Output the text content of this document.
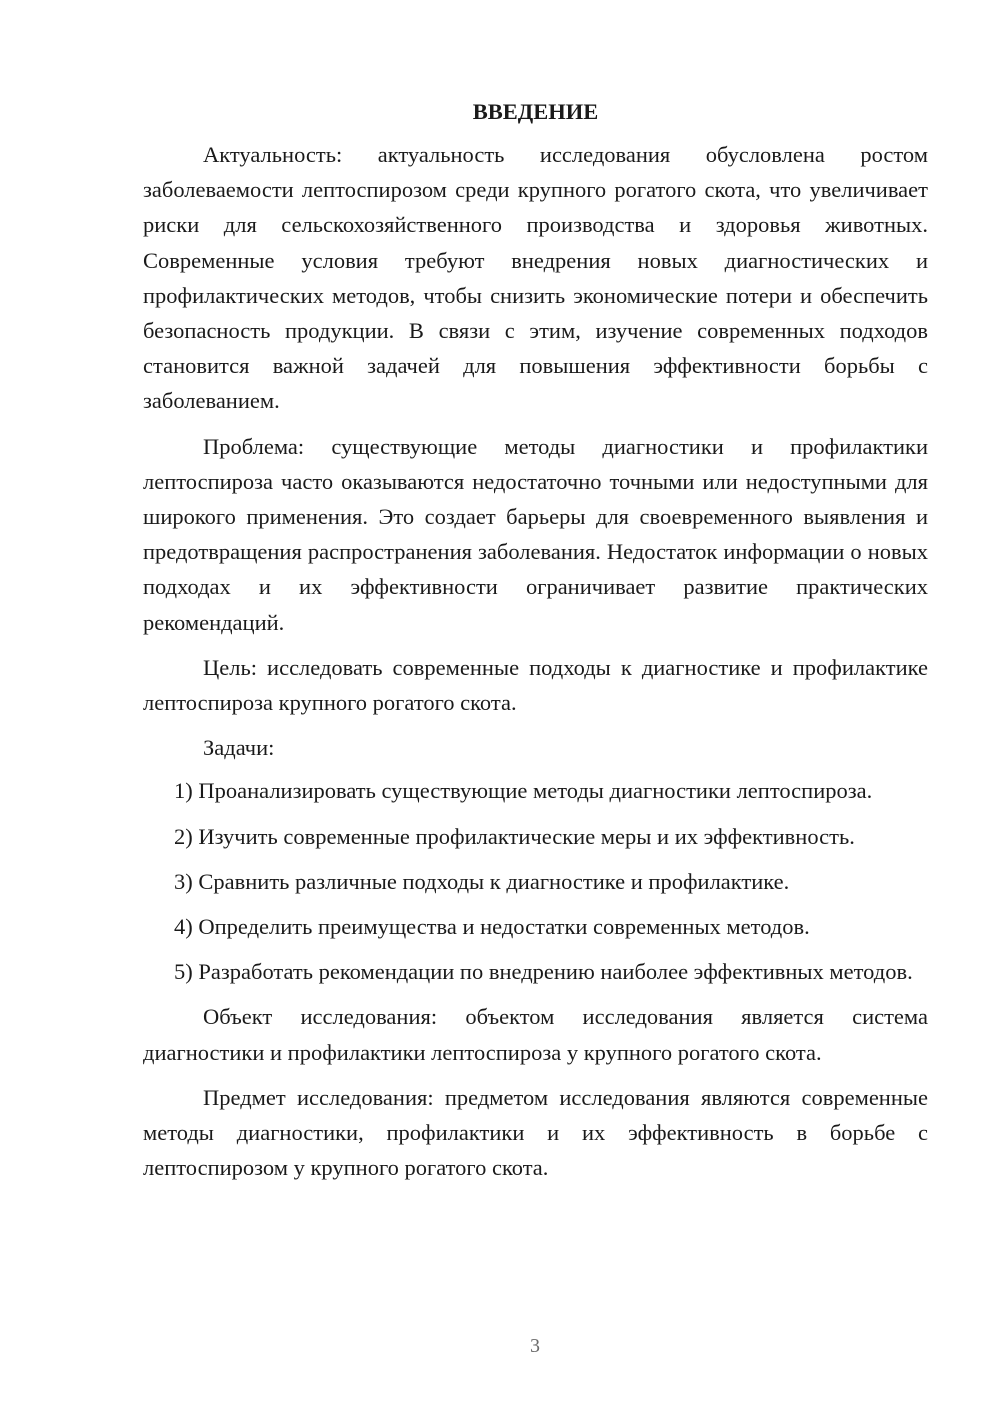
ВВЕДЕНИЕ

Актуальность: актуальность исследования обусловлена ростом заболеваемости лептоспирозом среди крупного рогатого скота, что увеличивает риски для сельскохозяйственного производства и здоровья животных. Современные условия требуют внедрения новых диагностических и профилактических методов, чтобы снизить экономические потери и обеспечить безопасность продукции. В связи с этим, изучение современных подходов становится важной задачей для повышения эффективности борьбы с заболеванием.

Проблема: существующие методы диагностики и профилактики лептоспироза часто оказываются недостаточно точными или недоступными для широкого применения. Это создает барьеры для своевременного выявления и предотвращения распространения заболевания. Недостаток информации о новых подходах и их эффективности ограничивает развитие практических рекомендаций.

Цель: исследовать современные подходы к диагностике и профилактике лептоспироза крупного рогатого скота.

Задачи:

1) Проанализировать существующие методы диагностики лептоспироза.

2) Изучить современные профилактические меры и их эффективность.

3) Сравнить различные подходы к диагностике и профилактике.

4) Определить преимущества и недостатки современных методов.

5) Разработать рекомендации по внедрению наиболее эффективных методов.

Объект исследования: объектом исследования является система диагностики и профилактики лептоспироза у крупного рогатого скота.

Предмет исследования: предметом исследования являются современные методы диагностики, профилактики и их эффективность в борьбе с лептоспирозом у крупного рогатого скота.

3
